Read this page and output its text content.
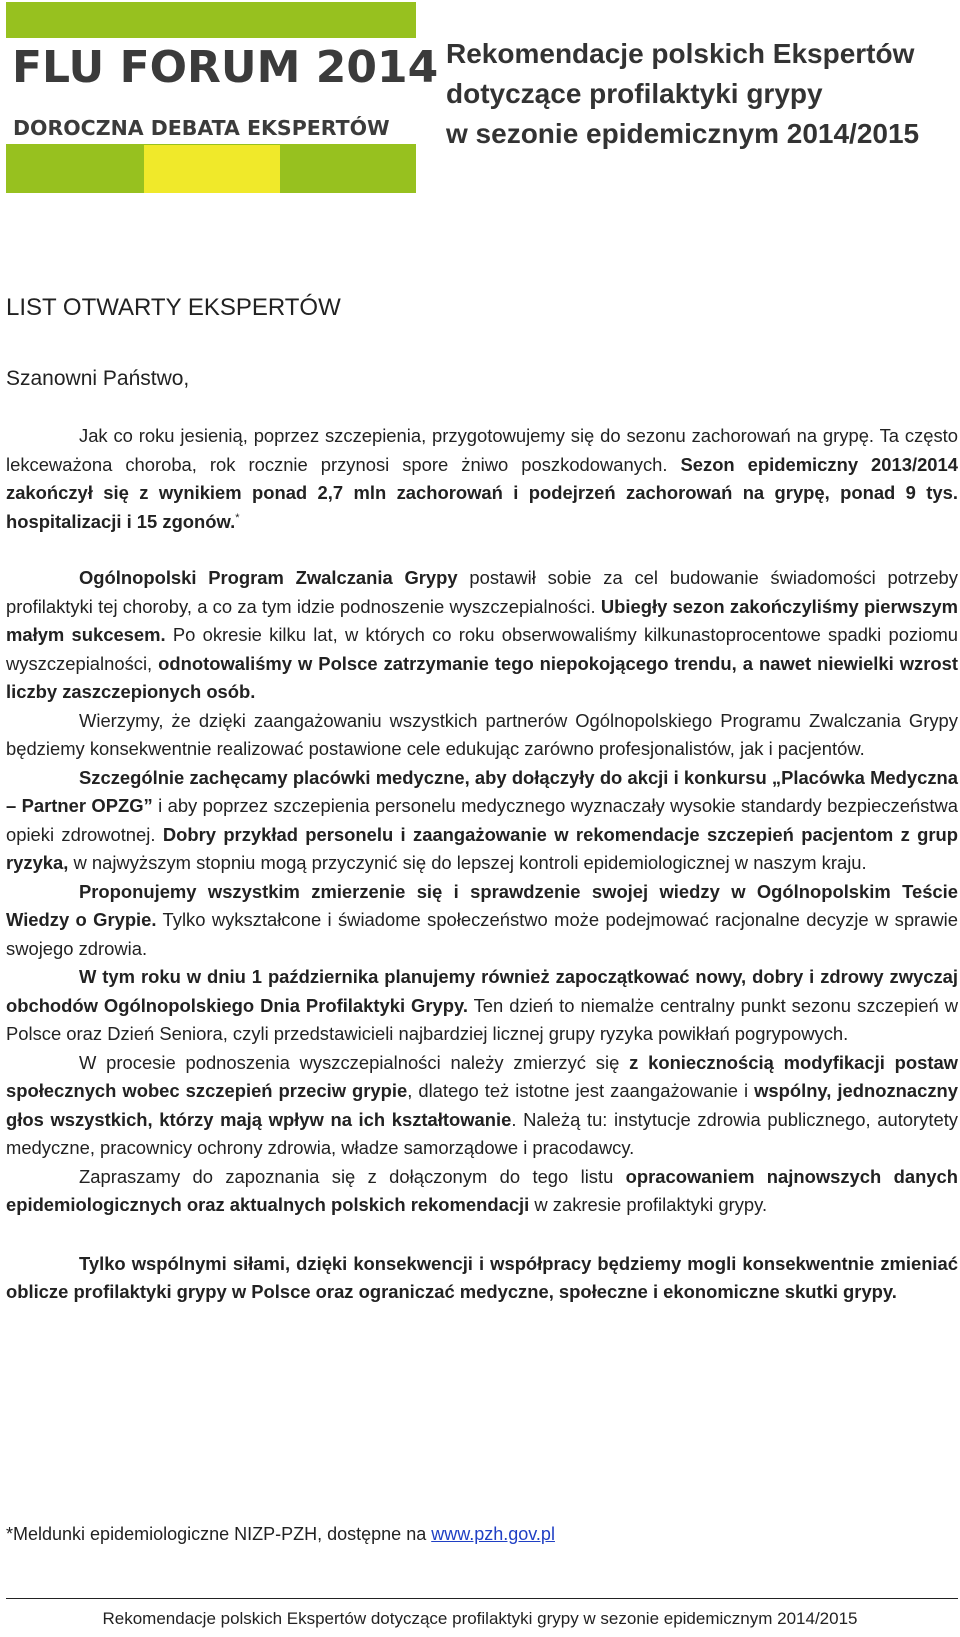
FLU FORUM 2014
DOROCZNA DEBATA EKSPERTÓW
Rekomendacje polskich Ekspertów
dotyczące profilaktyki grypy
w sezonie epidemicznym 2014/2015
LIST OTWARTY EKSPERTÓW
Szanowni Państwo,

Jak co roku jesienią, poprzez szczepienia, przygotowujemy się do sezonu zachorowań na grypę. Ta często lekceważona choroba, rok rocznie przynosi spore żniwo poszkodowanych. Sezon epidemiczny 2013/2014 zakończył się z wynikiem ponad 2,7 mln zachorowań i podejrzeń zachorowań na grypę, ponad 9 tys. hospitalizacji i 15 zgonów.*

Ogólnopolski Program Zwalczania Grypy postawił sobie za cel budowanie świadomości potrzeby profilaktyki tej choroby, a co za tym idzie podnoszenie wyszczepialności. Ubiegły sezon zakończyliśmy pierwszym małym sukcesem. Po okresie kilku lat, w których co roku obserwowaliśmy kilkunastoprocentowe spadki poziomu wyszczepialności, odnotowaliśmy w Polsce zatrzymanie tego niepokojącego trendu, a nawet niewielki wzrost liczby zaszczepionych osób.

Wierzymy, że dzięki zaangażowaniu wszystkich partnerów Ogólnopolskiego Programu Zwalczania Grypy będziemy konsekwentnie realizować postawione cele edukując zarówno profesjonalistów, jak i pacjentów.

Szczególnie zachęcamy placówki medyczne, aby dołączyły do akcji i konkursu „Placówka Medyczna – Partner OPZG” i aby poprzez szczepienia personelu medycznego wyznaczały wysokie standardy bezpieczeństwa opieki zdrowotnej. Dobry przykład personelu i zaangażowanie w rekomendacje szczepień pacjentom z grup ryzyka, w najwyższym stopniu mogą przyczynić się do lepszej kontroli epidemiologicznej w naszym kraju.

Proponujemy wszystkim zmierzenie się i sprawdzenie swojej wiedzy w Ogólnopolskim Teście Wiedzy o Grypie. Tylko wykształcone i świadome społeczeństwo może podejmować racjonalne decyzje w sprawie swojego zdrowia.

W tym roku w dniu 1 października planujemy również zapoczątkować nowy, dobry i zdrowy zwyczaj obchodów Ogólnopolskiego Dnia Profilaktyki Grypy. Ten dzień to niemalże centralny punkt sezonu szczepień w Polsce oraz Dzień Seniora, czyli przedstawicieli najbardziej licznej grupy ryzyka powikłań pogrypowych.

W procesie podnoszenia wyszczepialności należy zmierzyć się z koniecznością modyfikacji postaw społecznych wobec szczepień przeciw grypie, dlatego też istotne jest zaangażowanie i wspólny, jednoznaczny głos wszystkich, którzy mają wpływ na ich kształtowanie. Należą tu: instytucje zdrowia publicznego, autorytety medyczne, pracownicy ochrony zdrowia, władze samorządowe i pracodawcy.

Zapraszamy do zapoznania się z dołączonym do tego listu opracowaniem najnowszych danych epidemiologicznych oraz aktualnych polskich rekomendacji w zakresie profilaktyki grypy.

Tylko wspólnymi siłami, dzięki konsekwencji i współpracy będziemy mogli konsekwentnie zmieniać oblicze profilaktyki grypy w Polsce oraz ograniczać medyczne, społeczne i ekonomiczne skutki grypy.

*Meldunki epidemiologiczne NIZP-PZH, dostępne na www.pzh.gov.pl
Rekomendacje polskich Ekspertów dotyczące profilaktyki grypy w sezonie epidemicznym 2014/2015
